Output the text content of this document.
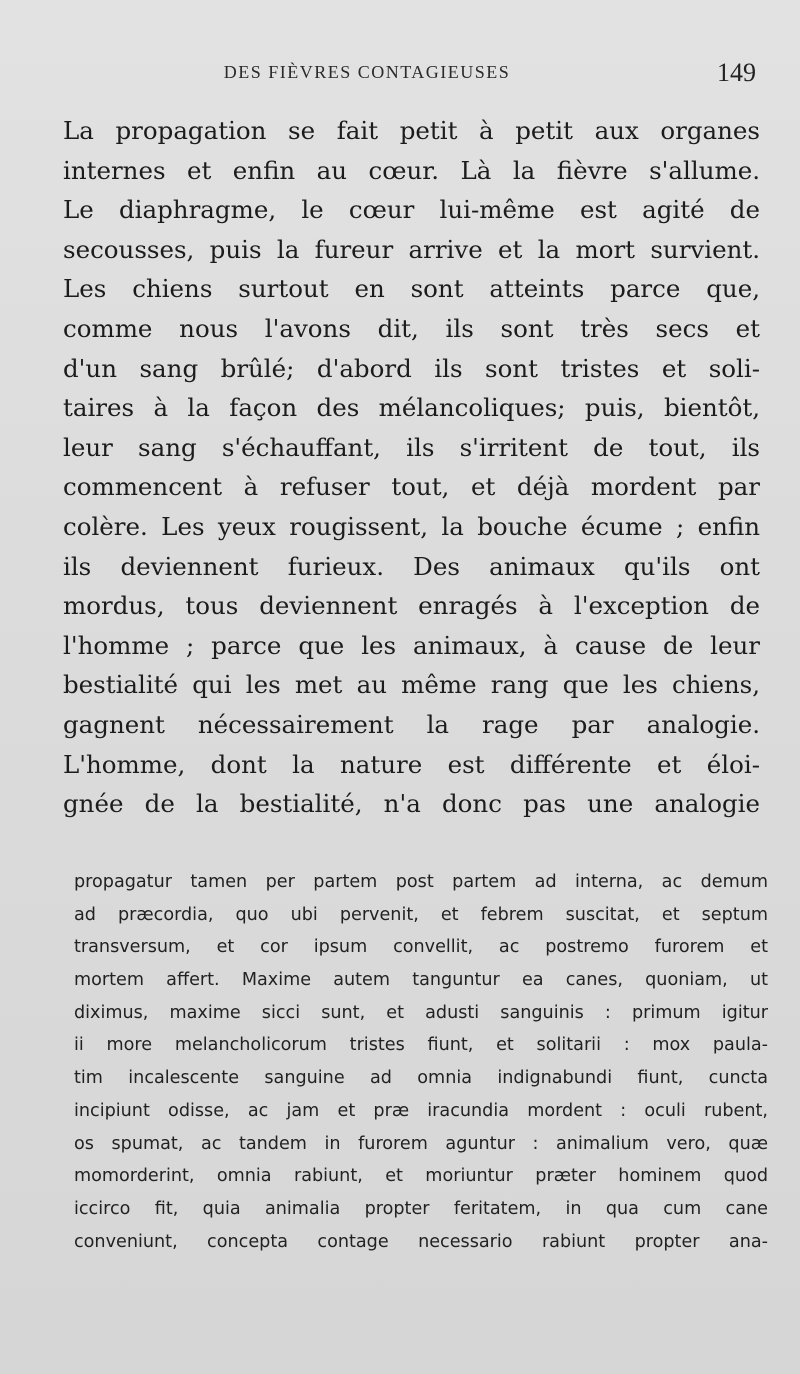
DES FIÈVRES CONTAGIEUSES	149
La propagation se fait petit à petit aux organes
internes et enfin au cœur. Là la fièvre s'allume.
Le diaphragme, le cœur lui-même est agité de
secousses, puis la fureur arrive et la mort survient.
Les chiens surtout en sont atteints parce que,
comme nous l'avons dit, ils sont très secs et
d'un sang brûlé; d'abord ils sont tristes et soli-
taires à la façon des mélancoliques; puis, bientôt,
leur sang s'échauffant, ils s'irritent de tout, ils
commencent à refuser tout, et déjà mordent par
colère. Les yeux rougissent, la bouche écume ; enfin
ils deviennent furieux. Des animaux qu'ils ont
mordus, tous deviennent enragés à l'exception de
l'homme ; parce que les animaux, à cause de leur
bestialité qui les met au même rang que les chiens,
gagnent nécessairement la rage par analogie.
L'homme, dont la nature est différente et éloi-
gnée de la bestialité, n'a donc pas une analogie
propagatur tamen per partem post partem ad interna, ac demum
ad præcordia, quo ubi pervenit, et febrem suscitat, et septum
transversum, et cor ipsum convellit, ac postremo furorem et
mortem affert. Maxime autem tanguntur ea canes, quoniam, ut
diximus, maxime sicci sunt, et adusti sanguinis : primum igitur
ii more melancholicorum tristes fiunt, et solitarii : mox paula-
tim incalescente sanguine ad omnia indignabundi fiunt, cuncta
incipiunt odisse, ac jam et præ iracundia mordent : oculi rubent,
os spumat, ac tandem in furorem aguntur : animalium vero, quæ
momorderint, omnia rabiunt, et moriuntur præter hominem quod
iccirco fit, quia animalia propter feritatem, in qua cum cane
conveniunt, concepta contage necessario rabiunt propter ana-
